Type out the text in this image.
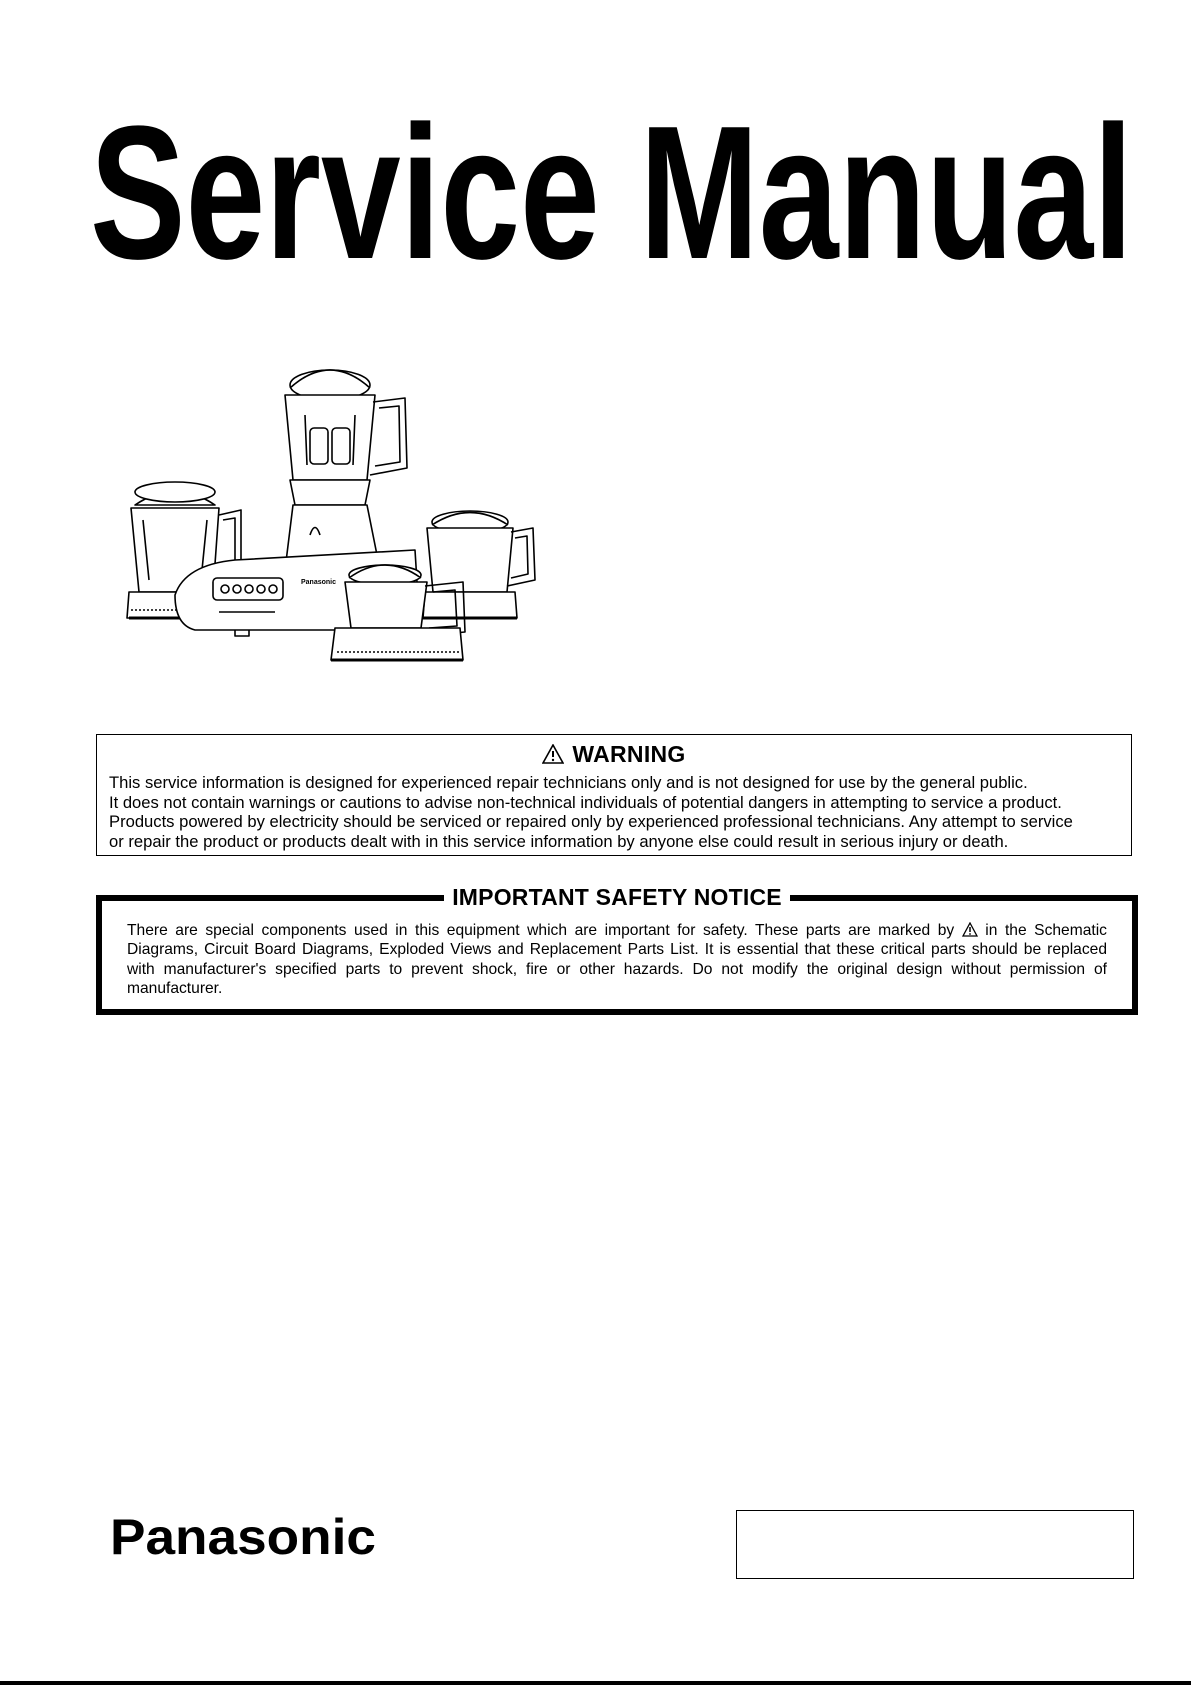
Service Manual
Panasonic
WARNING
This service information is designed for experienced repair technicians only and is not designed for use by the general public.
It does not contain warnings or cautions to advise non-technical individuals of potential dangers in attempting to service a product.
Products powered by electricity should be serviced or repaired only by experienced professional technicians. Any attempt to service
or repair the product or products dealt with in this service information by anyone else could result in serious injury or death.
IMPORTANT SAFETY NOTICE
There are special components used in this equipment which are important for safety. These parts are marked by in the Schematic
Diagrams, Circuit Board Diagrams, Exploded Views and Replacement Parts List. It is essential that these critical parts should be replaced
with manufacturer's specified parts to prevent shock, fire or other hazards. Do not modify the original design without permission of
manufacturer.
Panasonic
